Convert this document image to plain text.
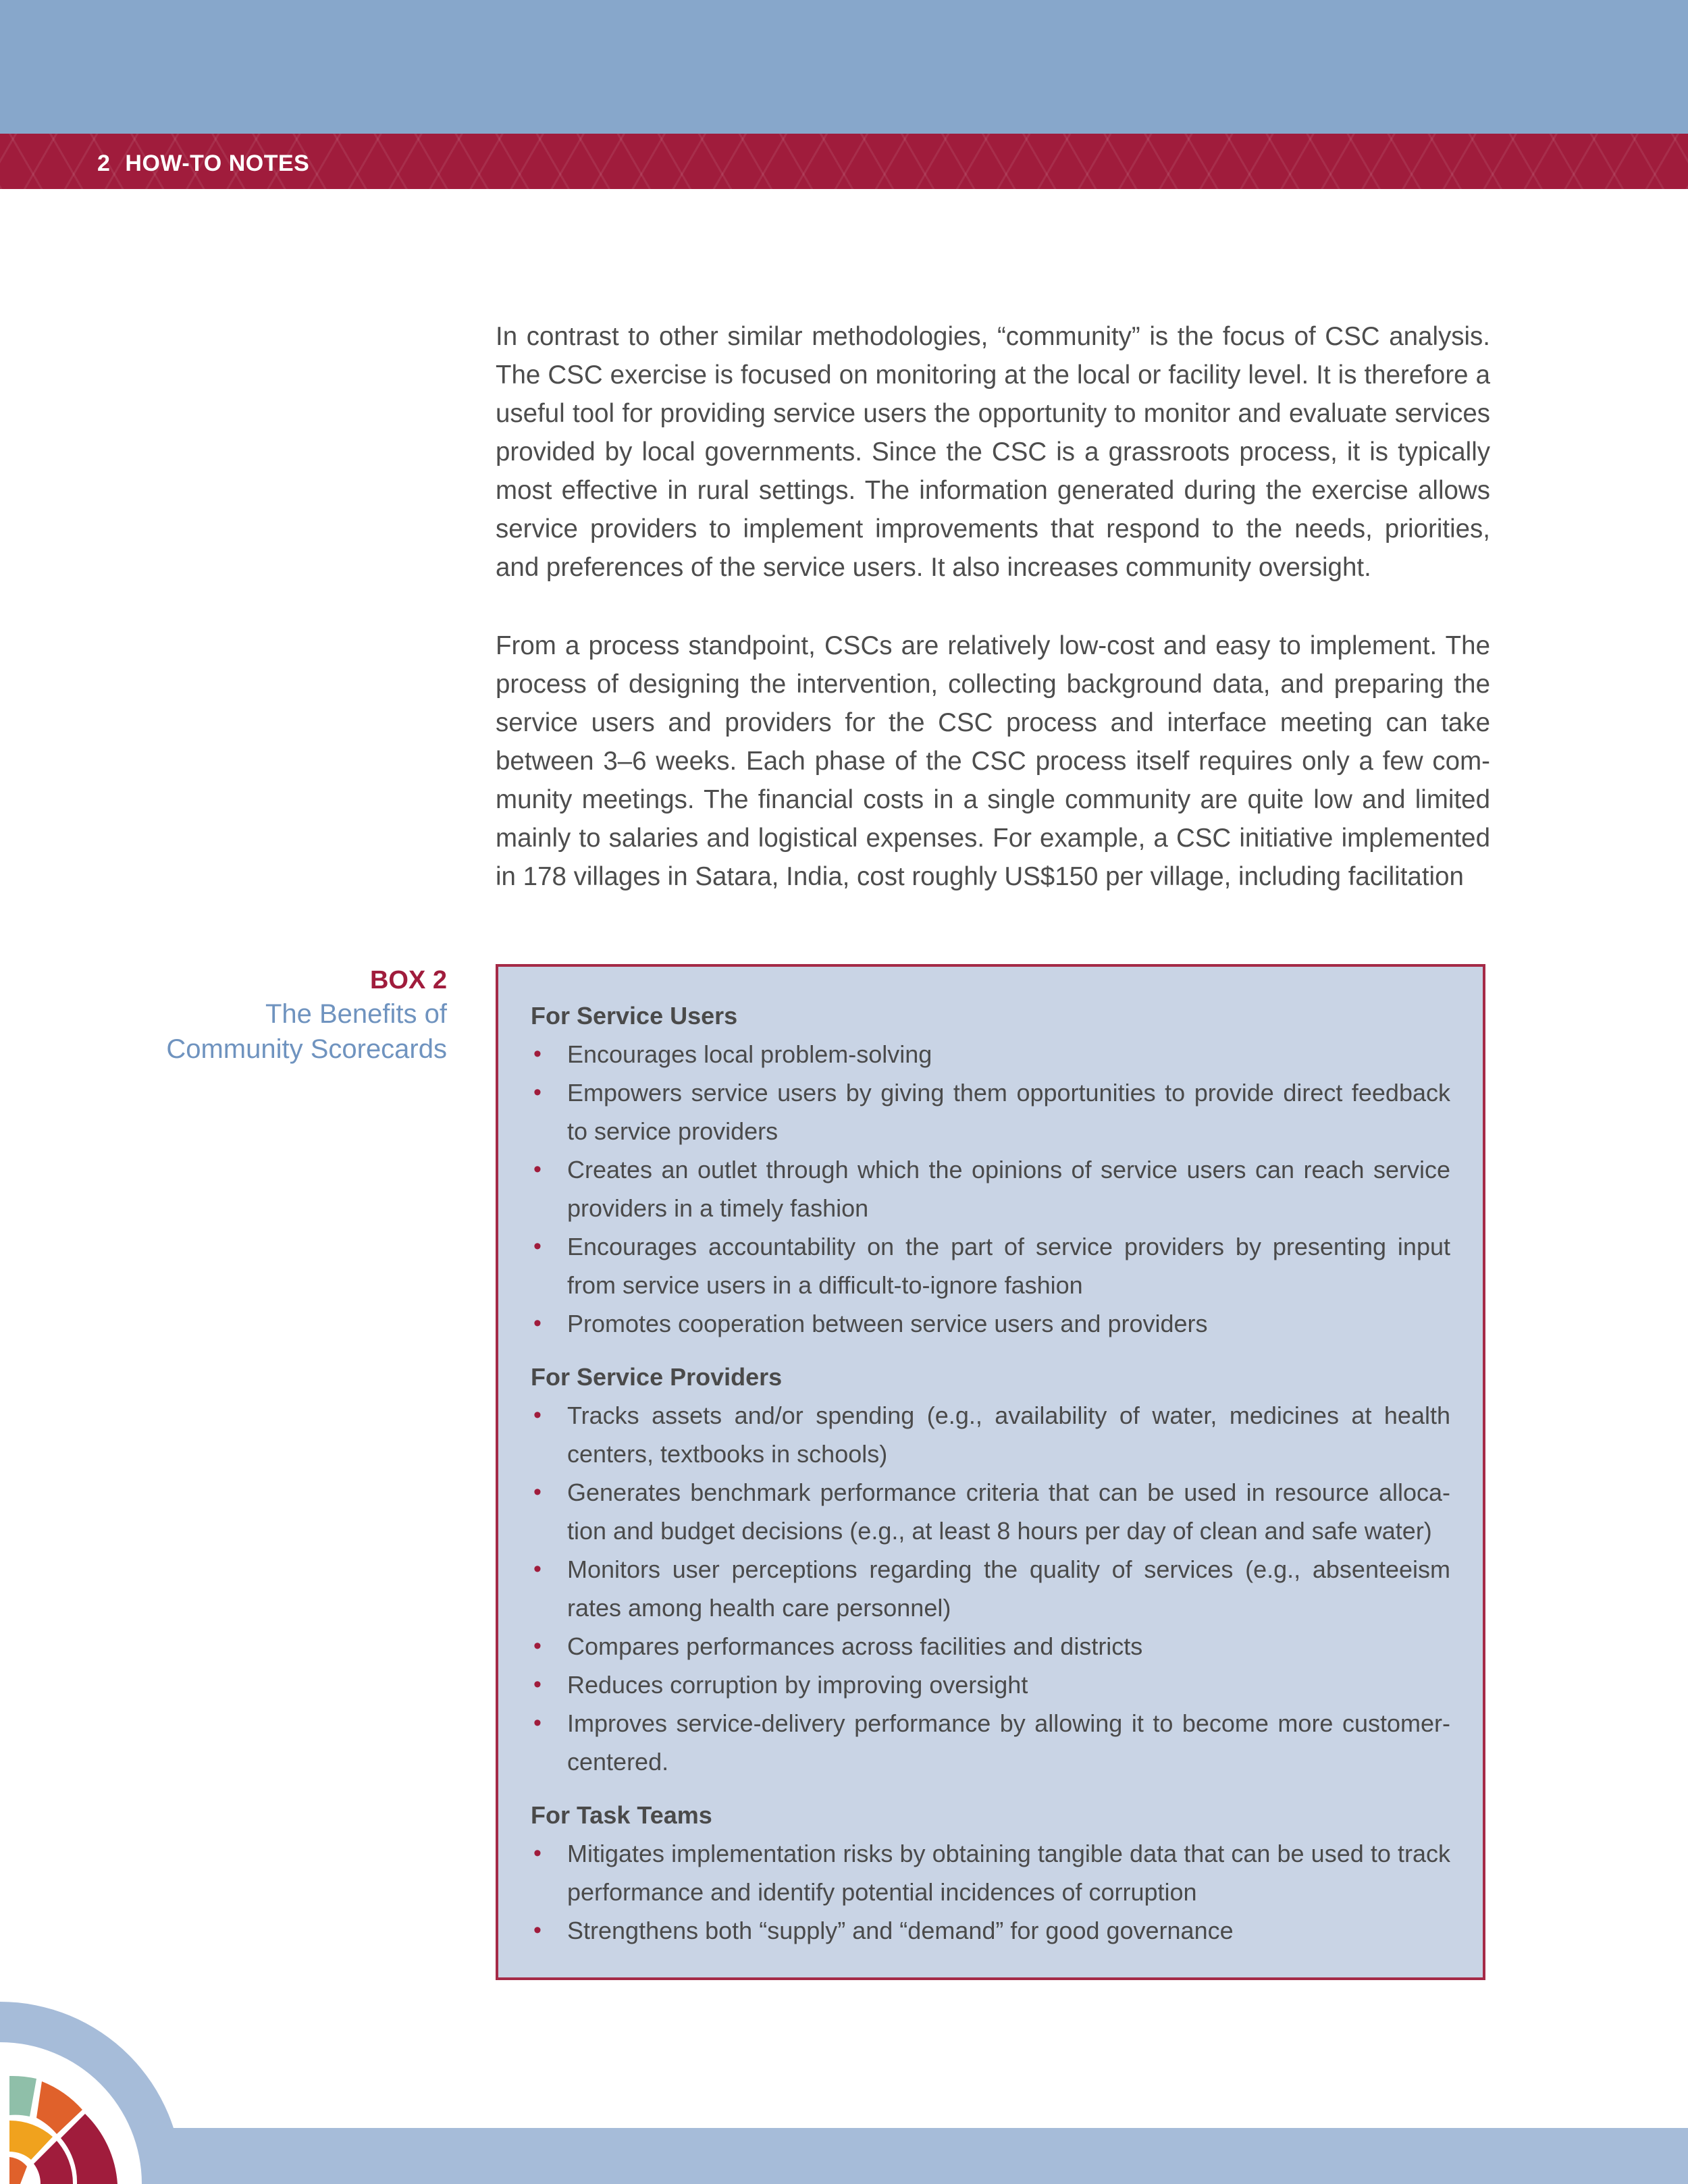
2 HOW-TO NOTES

In contrast to other similar methodologies, “community” is the focus of CSC analysis. The CSC exercise is focused on monitoring at the local or facility level. It is therefore a useful tool for providing service users the opportunity to monitor and evaluate services provided by local governments. Since the CSC is a grassroots process, it is typically most effective in rural settings. The information generated during the exercise allows service providers to implement improvements that respond to the needs, priorities, and preferences of the service users. It also increases community oversight.

From a process standpoint, CSCs are relatively low-cost and easy to implement. The process of designing the intervention, collecting background data, and preparing the service users and providers for the CSC process and interface meeting can take between 3–6 weeks. Each phase of the CSC process itself requires only a few community meetings. The financial costs in a single community are quite low and limited mainly to salaries and logistical expenses. For example, a CSC initiative implemented in 178 villages in Satara, India, cost roughly US$150 per village, including facilitation

BOX 2
The Benefits of
Community Scorecards
For Service Users
• Encourages local problem-solving
• Empowers service users by giving them opportunities to provide direct feedback to service providers
• Creates an outlet through which the opinions of service users can reach service providers in a timely fashion
• Encourages accountability on the part of service providers by presenting input from service users in a difficult-to-ignore fashion
• Promotes cooperation between service users and providers
For Service Providers
• Tracks assets and/or spending (e.g., availability of water, medicines at health centers, textbooks in schools)
• Generates benchmark performance criteria that can be used in resource allocation and budget decisions (e.g., at least 8 hours per day of clean and safe water)
• Monitors user perceptions regarding the quality of services (e.g., absenteeism rates among health care personnel)
• Compares performances across facilities and districts
• Reduces corruption by improving oversight
• Improves service-delivery performance by allowing it to become more customercentered.
For Task Teams
• Mitigates implementation risks by obtaining tangible data that can be used to track performance and identify potential incidences of corruption
• Strengthens both “supply” and “demand” for good governance
